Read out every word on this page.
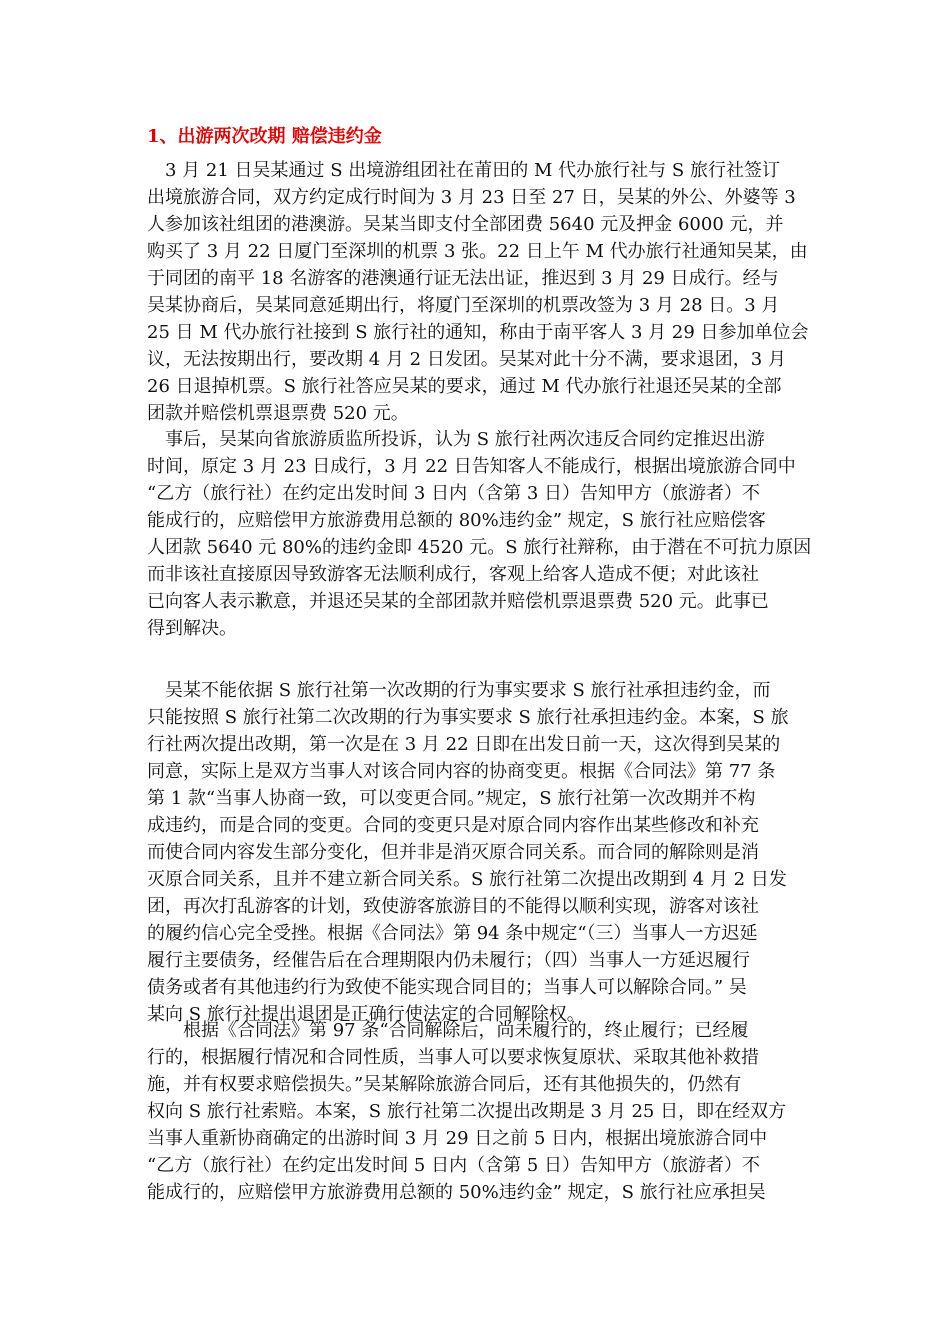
1、出游两次改期 赔偿违约金
　3 月 21 日吴某通过 S 出境游组团社在莆田的 M 代办旅行社与 S 旅行社签订
出境旅游合同，双方约定成行时间为 3 月 23 日至 27 日，吴某的外公、外婆等 3
人参加该社组团的港澳游。吴某当即支付全部团费 5640 元及押金 6000 元，并
购买了 3 月 22 日厦门至深圳的机票 3 张。22 日上午 M 代办旅行社通知吴某，由
于同团的南平 18 名游客的港澳通行证无法出证，推迟到 3 月 29 日成行。经与
吴某协商后，吴某同意延期出行，将厦门至深圳的机票改签为 3 月 28 日。3 月
25 日 M 代办旅行社接到 S 旅行社的通知，称由于南平客人 3 月 29 日参加单位会
议，无法按期出行，要改期 4 月 2 日发团。吴某对此十分不满，要求退团，3 月
26 日退掉机票。S 旅行社答应吴某的要求，通过 M 代办旅行社退还吴某的全部
团款并赔偿机票退票费 520 元。
　事后，吴某向省旅游质监所投诉，认为 S 旅行社两次违反合同约定推迟出游
时间，原定 3 月 23 日成行，3 月 22 日告知客人不能成行，根据出境旅游合同中
“乙方（旅行社）在约定出发时间 3 日内（含第 3 日）告知甲方（旅游者）不
能成行的，应赔偿甲方旅游费用总额的 80%违约金” 规定，S 旅行社应赔偿客
人团款 5640 元 80%的违约金即 4520 元。S 旅行社辩称，由于潜在不可抗力原因
而非该社直接原因导致游客无法顺利成行，客观上给客人造成不便；对此该社
已向客人表示歉意，并退还吴某的全部团款并赔偿机票退票费 520 元。此事已
得到解决。
　吴某不能依据 S 旅行社第一次改期的行为事实要求 S 旅行社承担违约金，而
只能按照 S 旅行社第二次改期的行为事实要求 S 旅行社承担违约金。本案，S 旅
行社两次提出改期，第一次是在 3 月 22 日即在出发日前一天，这次得到吴某的
同意，实际上是双方当事人对该合同内容的协商变更。根据《合同法》第 77 条
第 1 款“当事人协商一致，可以变更合同。”规定，S 旅行社第一次改期并不构
成违约，而是合同的变更。合同的变更只是对原合同内容作出某些修改和补充
而使合同内容发生部分变化，但并非是消灭原合同关系。而合同的解除则是消
灭原合同关系，且并不建立新合同关系。S 旅行社第二次提出改期到 4 月 2 日发
团，再次打乱游客的计划，致使游客旅游目的不能得以顺利实现，游客对该社
的履约信心完全受挫。根据《合同法》第 94 条中规定“（三）当事人一方迟延
履行主要债务，经催告后在合理期限内仍未履行；（四）当事人一方延迟履行
债务或者有其他违约行为致使不能实现合同目的；当事人可以解除合同。” 吴
某向 S 旅行社提出退团是正确行使法定的合同解除权。
　　根据《合同法》第 97 条“合同解除后，尚未履行的，终止履行；已经履
行的，根据履行情况和合同性质，当事人可以要求恢复原状、采取其他补救措
施，并有权要求赔偿损失。”吴某解除旅游合同后，还有其他损失的，仍然有
权向 S 旅行社索赔。本案，S 旅行社第二次提出改期是 3 月 25 日，即在经双方
当事人重新协商确定的出游时间 3 月 29 日之前 5 日内，根据出境旅游合同中
“乙方（旅行社）在约定出发时间 5 日内（含第 5 日）告知甲方（旅游者）不
能成行的，应赔偿甲方旅游费用总额的 50%违约金” 规定，S 旅行社应承担吴
